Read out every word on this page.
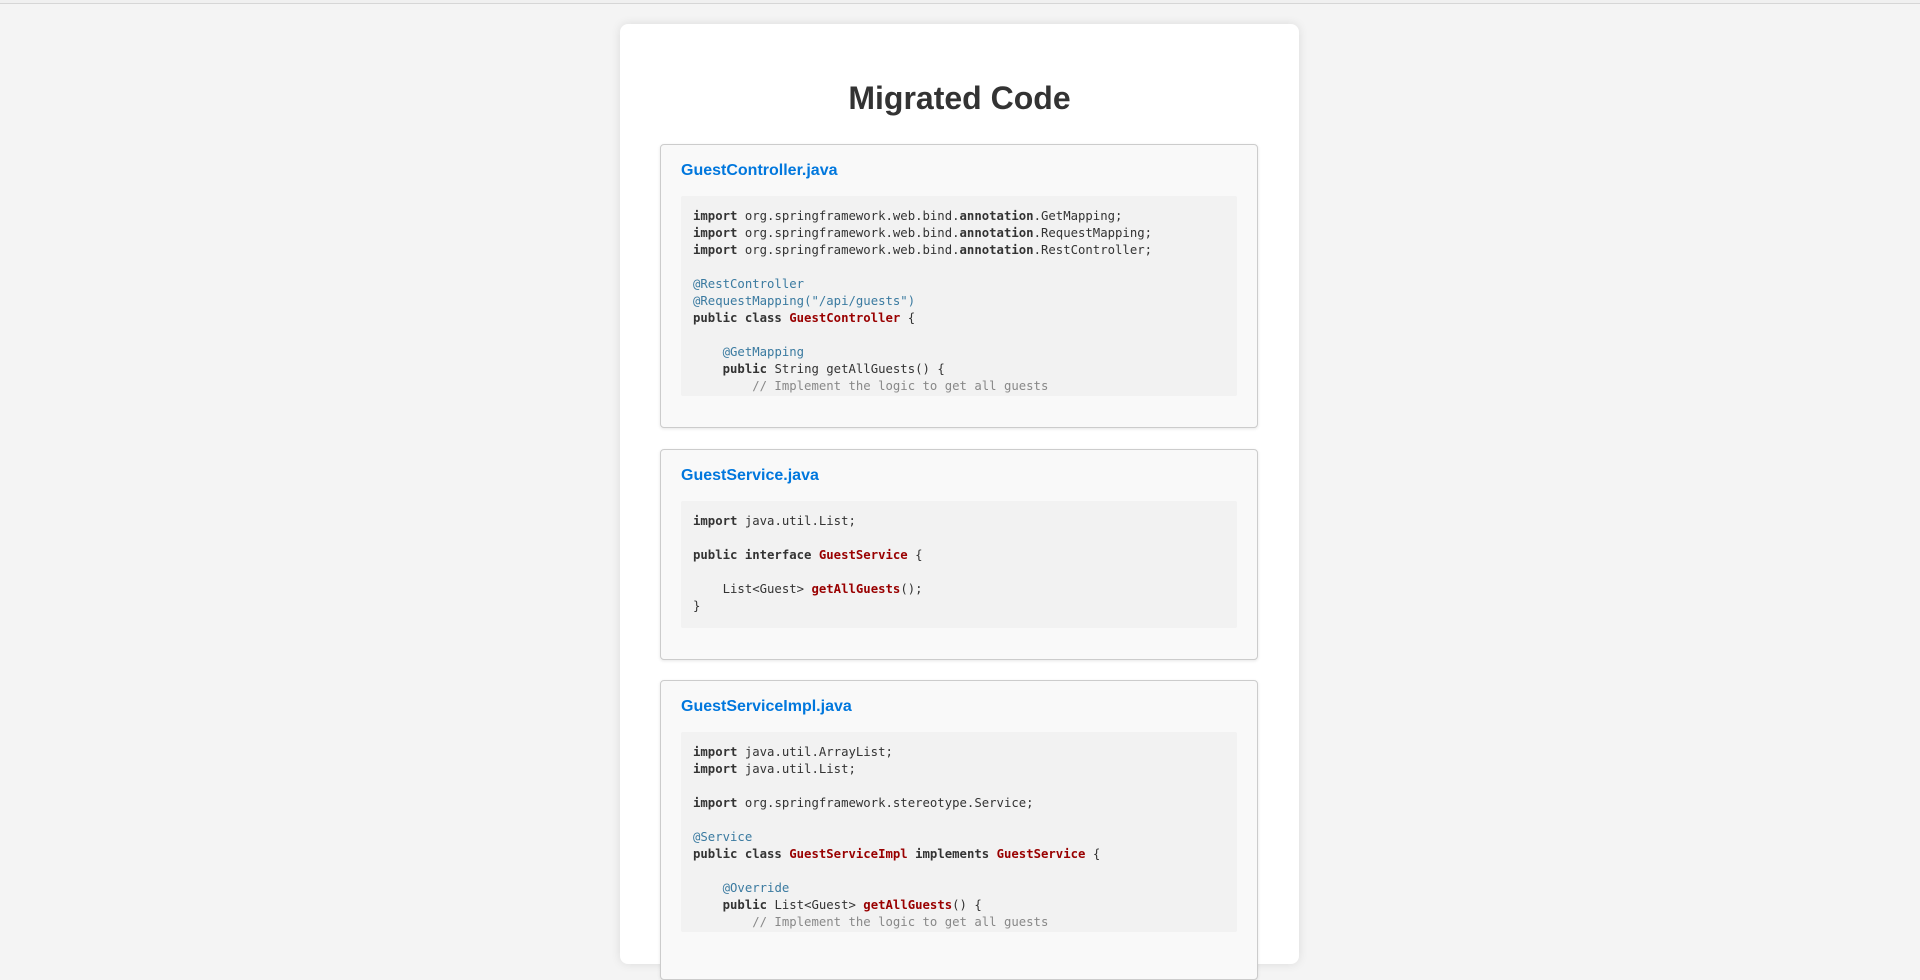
Migrated Code
GuestController.java
import org.springframework.web.bind.annotation.GetMapping;
import org.springframework.web.bind.annotation.RequestMapping;
import org.springframework.web.bind.annotation.RestController;
@RestController
@RequestMapping("/api/guests")
public class GuestController {
@GetMapping
public String getAllGuests() {
// Implement the logic to get all guests
GuestService.java
import java.util.List;
public interface GuestService {
List<Guest> getAllGuests();
}
GuestServiceImpl.java
import java.util.ArrayList;
import java.util.List;
import org.springframework.stereotype.Service;
@Service
public class GuestServiceImpl implements GuestService {
@Override
public List<Guest> getAllGuests() {
// Implement the logic to get all guests
